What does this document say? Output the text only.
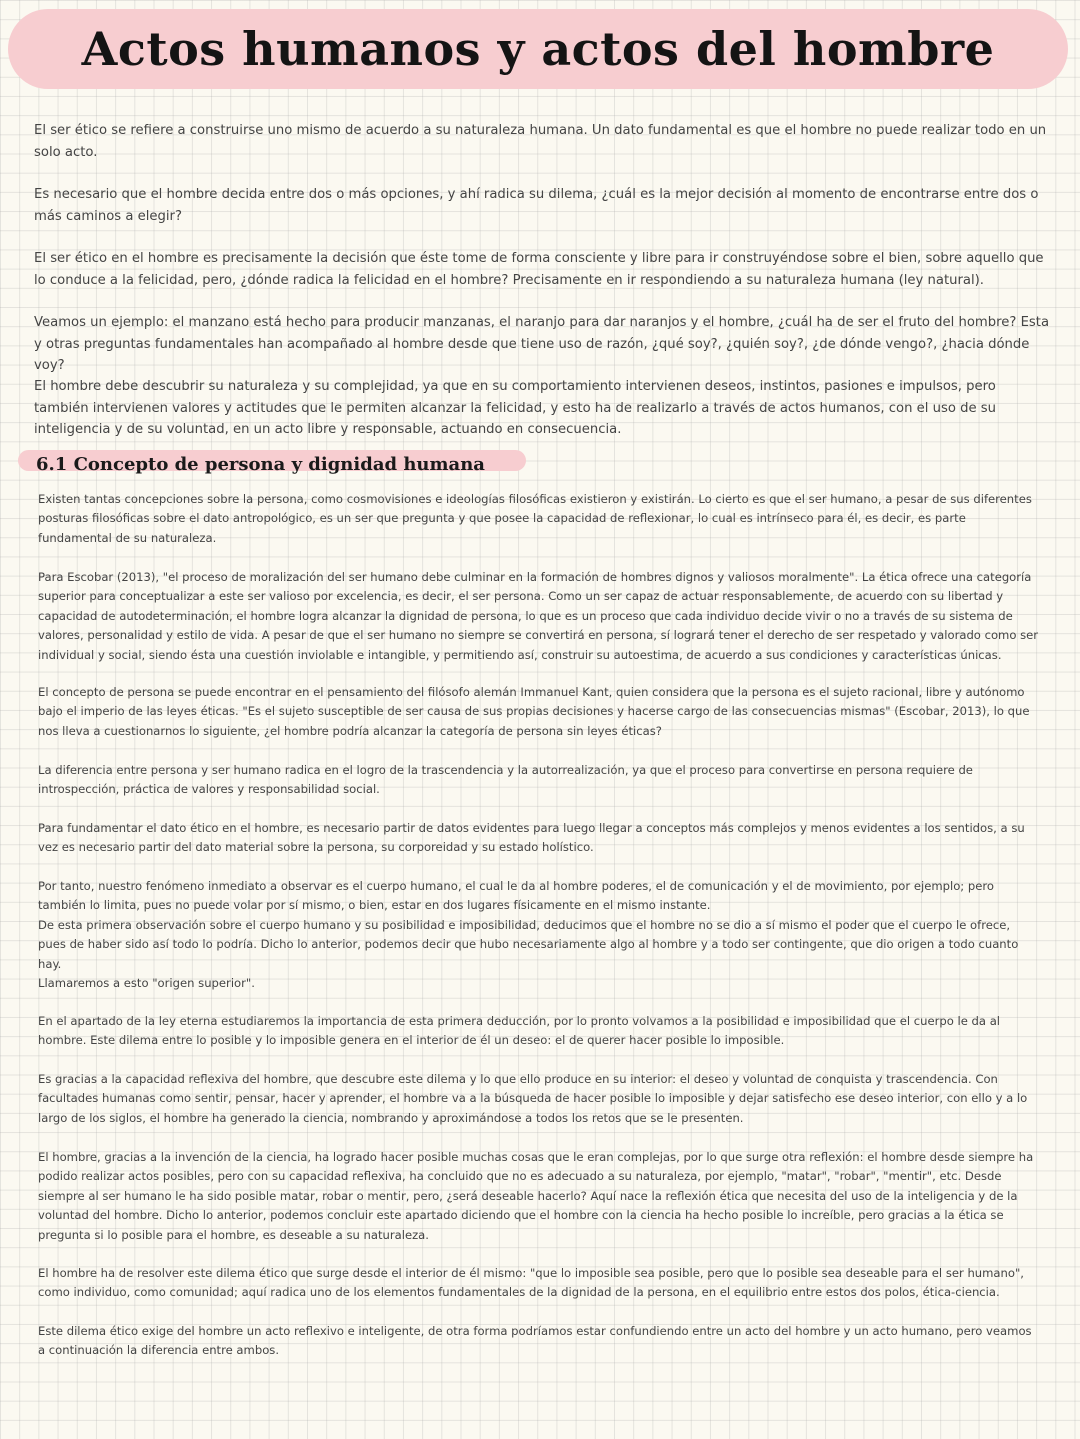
Actos humanos y actos del hombre

El ser ético se refiere a construirse uno mismo de acuerdo a su naturaleza humana. Un dato fundamental es que el hombre no puede realizar todo en un solo acto.

Es necesario que el hombre decida entre dos o más opciones, y ahí radica su dilema, ¿cuál es la mejor decisión al momento de encontrarse entre dos o más caminos a elegir?

El ser ético en el hombre es precisamente la decisión que éste tome de forma consciente y libre para ir construyéndose sobre el bien, sobre aquello que lo conduce a la felicidad, pero, ¿dónde radica la felicidad en el hombre? Precisamente en ir respondiendo a su naturaleza humana (ley natural).

Veamos un ejemplo: el manzano está hecho para producir manzanas, el naranjo para dar naranjos y el hombre, ¿cuál ha de ser el fruto del hombre? Esta y otras preguntas fundamentales han acompañado al hombre desde que tiene uso de razón, ¿qué soy?, ¿quién soy?, ¿de dónde vengo?, ¿hacia dónde voy?

El hombre debe descubrir su naturaleza y su complejidad, ya que en su comportamiento intervienen deseos, instintos, pasiones e impulsos, pero también intervienen valores y actitudes que le permiten alcanzar la felicidad, y esto ha de realizarlo a través de actos humanos, con el uso de su inteligencia y de su voluntad, en un acto libre y responsable, actuando en consecuencia.

6.1 Concepto de persona y dignidad humana

Existen tantas concepciones sobre la persona, como cosmovisiones e ideologías filosóficas existieron y existirán. Lo cierto es que el ser humano, a pesar de sus diferentes posturas filosóficas sobre el dato antropológico, es un ser que pregunta y que posee la capacidad de reflexionar, lo cual es intrínseco para él, es decir, es parte fundamental de su naturaleza.

Para Escobar (2013), "el proceso de moralización del ser humano debe culminar en la formación de hombres dignos y valiosos moralmente". La ética ofrece una categoría superior para conceptualizar a este ser valioso por excelencia, es decir, el ser persona. Como un ser capaz de actuar responsablemente, de acuerdo con su libertad y capacidad de autodeterminación, el hombre logra alcanzar la dignidad de persona, lo que es un proceso que cada individuo decide vivir o no a través de su sistema de valores, personalidad y estilo de vida. A pesar de que el ser humano no siempre se convertirá en persona, sí logrará tener el derecho de ser respetado y valorado como ser individual y social, siendo ésta una cuestión inviolable e intangible, y permitiendo así, construir su autoestima, de acuerdo a sus condiciones y características únicas.

El concepto de persona se puede encontrar en el pensamiento del filósofo alemán Immanuel Kant, quien considera que la persona es el sujeto racional, libre y autónomo bajo el imperio de las leyes éticas. "Es el sujeto susceptible de ser causa de sus propias decisiones y hacerse cargo de las consecuencias mismas" (Escobar, 2013), lo que nos lleva a cuestionarnos lo siguiente, ¿el hombre podría alcanzar la categoría de persona sin leyes éticas?

La diferencia entre persona y ser humano radica en el logro de la trascendencia y la autorrealización, ya que el proceso para convertirse en persona requiere de introspección, práctica de valores y responsabilidad social.

Para fundamentar el dato ético en el hombre, es necesario partir de datos evidentes para luego llegar a conceptos más complejos y menos evidentes a los sentidos, a su vez es necesario partir del dato material sobre la persona, su corporeidad y su estado holístico.

Por tanto, nuestro fenómeno inmediato a observar es el cuerpo humano, el cual le da al hombre poderes, el de comunicación y el de movimiento, por ejemplo; pero también lo limita, pues no puede volar por sí mismo, o bien, estar en dos lugares físicamente en el mismo instante.
De esta primera observación sobre el cuerpo humano y su posibilidad e imposibilidad, deducimos que el hombre no se dio a sí mismo el poder que el cuerpo le ofrece, pues de haber sido así todo lo podría. Dicho lo anterior, podemos decir que hubo necesariamente algo al hombre y a todo ser contingente, que dio origen a todo cuanto hay.
Llamaremos a esto "origen superior".

En el apartado de la ley eterna estudiaremos la importancia de esta primera deducción, por lo pronto volvamos a la posibilidad e imposibilidad que el cuerpo le da al hombre. Este dilema entre lo posible y lo imposible genera en el interior de él un deseo: el de querer hacer posible lo imposible.

Es gracias a la capacidad reflexiva del hombre, que descubre este dilema y lo que ello produce en su interior: el deseo y voluntad de conquista y trascendencia. Con facultades humanas como sentir, pensar, hacer y aprender, el hombre va a la búsqueda de hacer posible lo imposible y dejar satisfecho ese deseo interior, con ello y a lo largo de los siglos, el hombre ha generado la ciencia, nombrando y aproximándose a todos los retos que se le presenten.

El hombre, gracias a la invención de la ciencia, ha logrado hacer posible muchas cosas que le eran complejas, por lo que surge otra reflexión: el hombre desde siempre ha podido realizar actos posibles, pero con su capacidad reflexiva, ha concluido que no es adecuado a su naturaleza, por ejemplo, "matar", "robar", "mentir", etc. Desde siempre al ser humano le ha sido posible matar, robar o mentir, pero, ¿será deseable hacerlo? Aquí nace la reflexión ética que necesita del uso de la inteligencia y de la voluntad del hombre. Dicho lo anterior, podemos concluir este apartado diciendo que el hombre con la ciencia ha hecho posible lo increíble, pero gracias a la ética se pregunta si lo posible para el hombre, es deseable a su naturaleza.

El hombre ha de resolver este dilema ético que surge desde el interior de él mismo: "que lo imposible sea posible, pero que lo posible sea deseable para el ser humano", como individuo, como comunidad; aquí radica uno de los elementos fundamentales de la dignidad de la persona, en el equilibrio entre estos dos polos, ética-ciencia.

Este dilema ético exige del hombre un acto reflexivo e inteligente, de otra forma podríamos estar confundiendo entre un acto del hombre y un acto humano, pero veamos a continuación la diferencia entre ambos.
